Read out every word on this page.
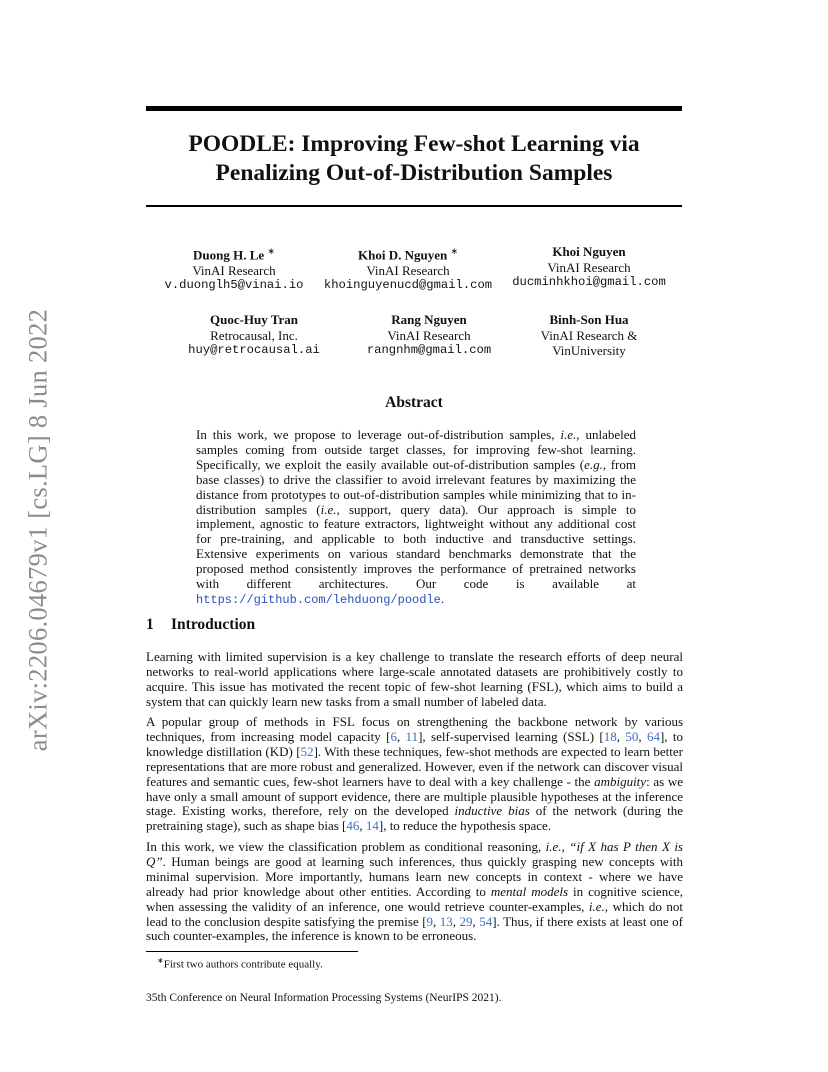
arXiv:2206.04679v1 [cs.LG] 8 Jun 2022
POODLE: Improving Few-shot Learning via
Penalizing Out-of-Distribution Samples
Duong H. Le ∗
VinAI Research
v.duonglh5@vinai.io
Khoi D. Nguyen ∗
VinAI Research
khoinguyenucd@gmail.com
Khoi Nguyen
VinAI Research
ducminhkhoi@gmail.com
Quoc-Huy Tran
Retrocausal, Inc.
huy@retrocausal.ai
Rang Nguyen
VinAI Research
rangnhm@gmail.com
Binh-Son Hua
VinAI Research &
VinUniversity
Abstract
In this work, we propose to leverage out-of-distribution samples, i.e., unlabeled samples coming from outside target classes, for improving few-shot learning. Specifically, we exploit the easily available out-of-distribution samples (e.g., from base classes) to drive the classifier to avoid irrelevant features by maximizing the distance from prototypes to out-of-distribution samples while minimizing that to in-distribution samples (i.e., support, query data). Our approach is simple to implement, agnostic to feature extractors, lightweight without any additional cost for pre-training, and applicable to both inductive and transductive settings. Extensive experiments on various standard benchmarks demonstrate that the proposed method consistently improves the performance of pretrained networks with different architectures. Our code is available at https://github.com/lehduong/poodle.
1 Introduction
Learning with limited supervision is a key challenge to translate the research efforts of deep neural networks to real-world applications where large-scale annotated datasets are prohibitively costly to acquire. This issue has motivated the recent topic of few-shot learning (FSL), which aims to build a system that can quickly learn new tasks from a small number of labeled data.
A popular group of methods in FSL focus on strengthening the backbone network by various techniques, from increasing model capacity [6, 11], self-supervised learning (SSL) [18, 50, 64], to knowledge distillation (KD) [52]. With these techniques, few-shot methods are expected to learn better representations that are more robust and generalized. However, even if the network can discover visual features and semantic cues, few-shot learners have to deal with a key challenge - the ambiguity: as we have only a small amount of support evidence, there are multiple plausible hypotheses at the inference stage. Existing works, therefore, rely on the developed inductive bias of the network (during the pretraining stage), such as shape bias [46, 14], to reduce the hypothesis space.
In this work, we view the classification problem as conditional reasoning, i.e., “if X has P then X is Q”. Human beings are good at learning such inferences, thus quickly grasping new concepts with minimal supervision. More importantly, humans learn new concepts in context - where we have already had prior knowledge about other entities. According to mental models in cognitive science, when assessing the validity of an inference, one would retrieve counter-examples, i.e., which do not lead to the conclusion despite satisfying the premise [9, 13, 29, 54]. Thus, if there exists at least one of such counter-examples, the inference is known to be erroneous.
∗First two authors contribute equally.
35th Conference on Neural Information Processing Systems (NeurIPS 2021).
